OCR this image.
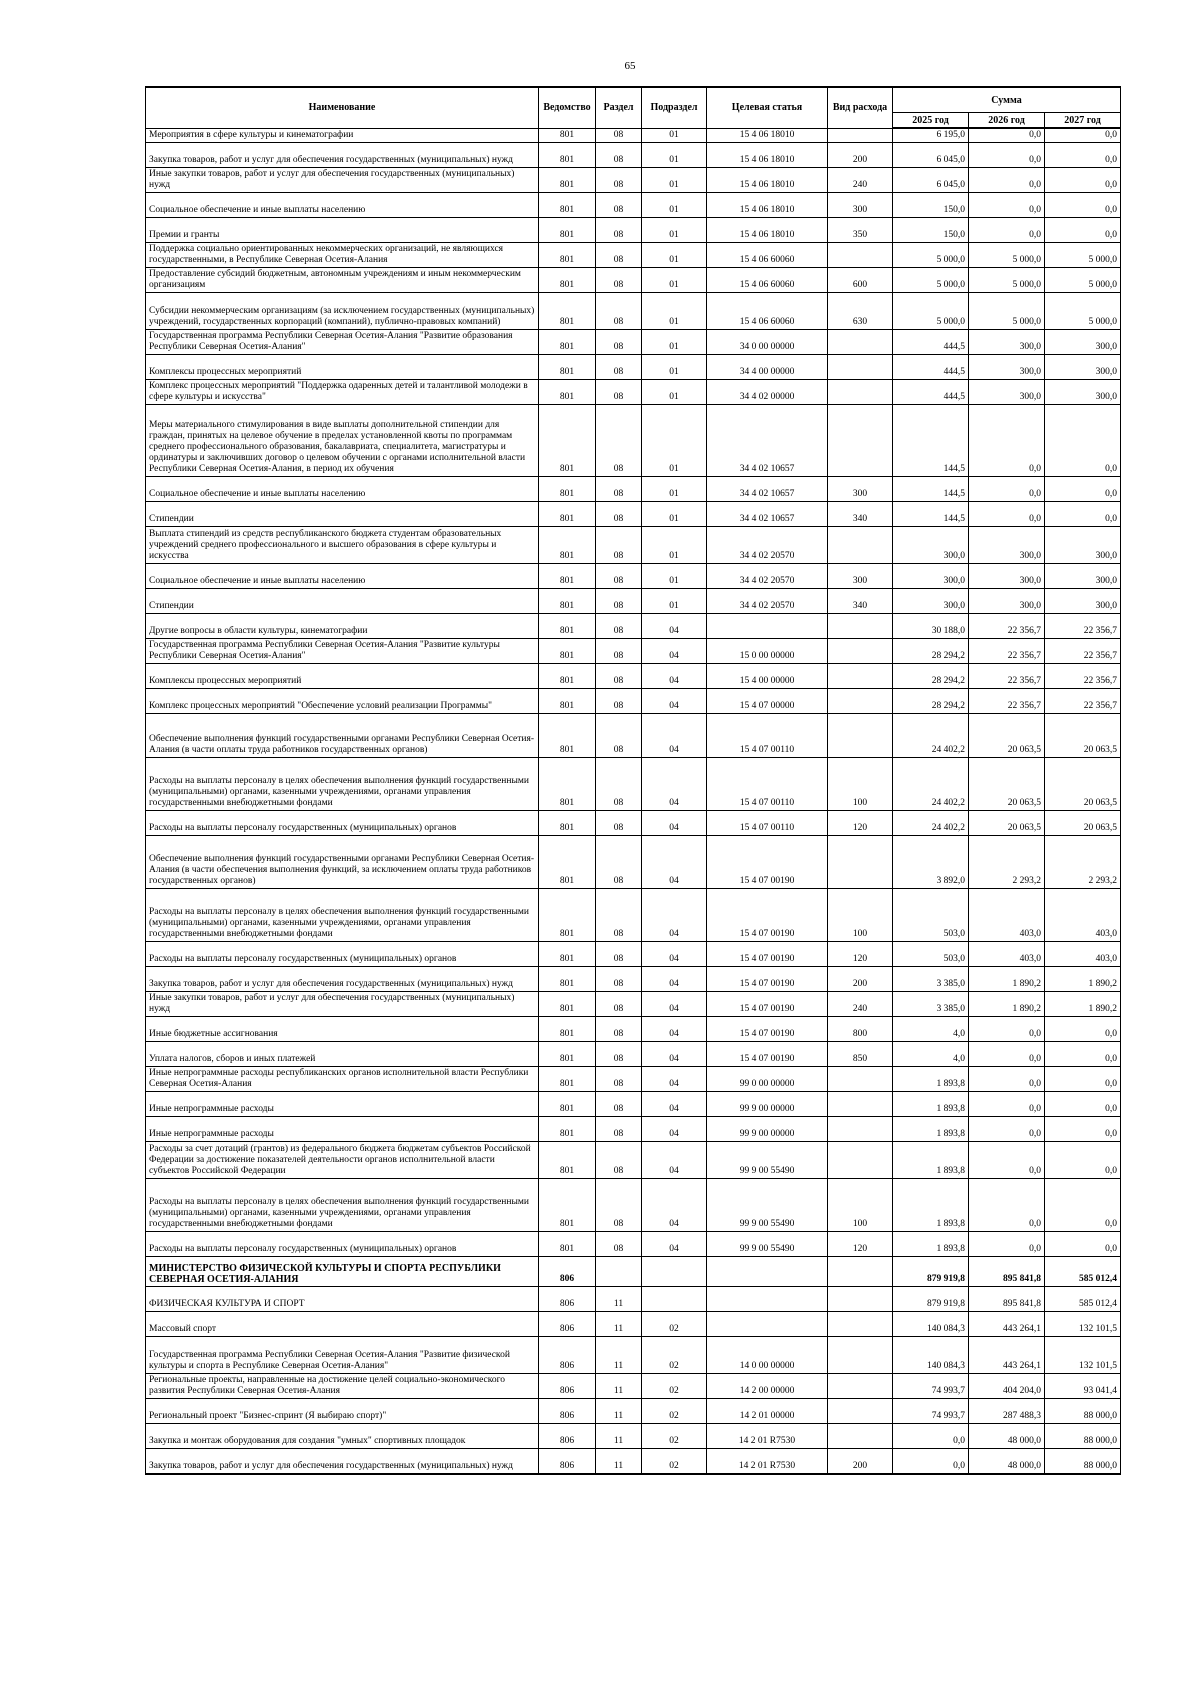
65
Наименование	Ведомство	Раздел	Подраздел	Целевая статья	Вид расхода	Сумма		
						2025 год	2026 год	2027 год
Мероприятия в сфере культуры и кинематографии	801	08	01	15 4 06 18010		6 195,0	0,0	0,0
Закупка товаров, работ и услуг для обеспечения государственных (муниципальных) нужд	801	08	01	15 4 06 18010	200	6 045,0	0,0	0,0
Иные закупки товаров, работ и услуг для обеспечения государственных (муниципальных) нужд	801	08	01	15 4 06 18010	240	6 045,0	0,0	0,0
Социальное обеспечение и иные выплаты населению	801	08	01	15 4 06 18010	300	150,0	0,0	0,0
Премии и гранты	801	08	01	15 4 06 18010	350	150,0	0,0	0,0
Поддержка социально ориентированных некоммерческих организаций, не являющихся государственными, в Республике Северная Осетия-Алания	801	08	01	15 4 06 60060		5 000,0	5 000,0	5 000,0
Предоставление субсидий бюджетным, автономным учреждениям и иным некоммерческим организациям	801	08	01	15 4 06 60060	600	5 000,0	5 000,0	5 000,0
Субсидии некоммерческим организациям (за исключением государственных (муниципальных) учреждений, государственных корпораций (компаний), публично-правовых компаний)	801	08	01	15 4 06 60060	630	5 000,0	5 000,0	5 000,0
Государственная программа Республики Северная Осетия-Алания "Развитие образования Республики Северная Осетия-Алания"	801	08	01	34 0 00 00000		444,5	300,0	300,0
Комплексы процессных мероприятий	801	08	01	34 4 00 00000		444,5	300,0	300,0
Комплекс процессных мероприятий "Поддержка одаренных детей и талантливой молодежи в сфере культуры и искусства"	801	08	01	34 4 02 00000		444,5	300,0	300,0
Меры материального стимулирования в виде выплаты дополнительной стипендии для граждан, принятых на целевое обучение в пределах установленной квоты по программам среднего профессионального образования, бакалавриата, специалитета, магистратуры и ординатуры и заключивших договор о целевом обучении с органами исполнительной власти Республики Северная Осетия-Алания, в период их обучения	801	08	01	34 4 02 10657		144,5	0,0	0,0
Социальное обеспечение и иные выплаты населению	801	08	01	34 4 02 10657	300	144,5	0,0	0,0
Стипендии	801	08	01	34 4 02 10657	340	144,5	0,0	0,0
Выплата стипендий из средств республиканского бюджета студентам образовательных учреждений среднего профессионального и высшего образования в сфере культуры и искусства	801	08	01	34 4 02 20570		300,0	300,0	300,0
Социальное обеспечение и иные выплаты населению	801	08	01	34 4 02 20570	300	300,0	300,0	300,0
Стипендии	801	08	01	34 4 02 20570	340	300,0	300,0	300,0
Другие вопросы в области культуры, кинематографии	801	08	04			30 188,0	22 356,7	22 356,7
Государственная программа Республики Северная Осетия-Алания "Развитие культуры Республики Северная Осетия-Алания"	801	08	04	15 0 00 00000		28 294,2	22 356,7	22 356,7
Комплексы процессных мероприятий	801	08	04	15 4 00 00000		28 294,2	22 356,7	22 356,7
Комплекс процессных мероприятий "Обеспечение условий реализации Программы"	801	08	04	15 4 07 00000		28 294,2	22 356,7	22 356,7
Обеспечение выполнения функций государственными органами Республики Северная Осетия-Алания (в части оплаты труда работников государственных органов)	801	08	04	15 4 07 00110		24 402,2	20 063,5	20 063,5
Расходы на выплаты персоналу в целях обеспечения выполнения функций государственными (муниципальными) органами, казенными учреждениями, органами управления государственными внебюджетными фондами	801	08	04	15 4 07 00110	100	24 402,2	20 063,5	20 063,5
Расходы на выплаты персоналу государственных (муниципальных) органов	801	08	04	15 4 07 00110	120	24 402,2	20 063,5	20 063,5
Обеспечение выполнения функций государственными органами Республики Северная Осетия-Алания (в части обеспечения выполнения функций, за исключением оплаты труда работников государственных органов)	801	08	04	15 4 07 00190		3 892,0	2 293,2	2 293,2
Расходы на выплаты персоналу в целях обеспечения выполнения функций государственными (муниципальными) органами, казенными учреждениями, органами управления государственными внебюджетными фондами	801	08	04	15 4 07 00190	100	503,0	403,0	403,0
Расходы на выплаты персоналу государственных (муниципальных) органов	801	08	04	15 4 07 00190	120	503,0	403,0	403,0
Закупка товаров, работ и услуг для обеспечения государственных (муниципальных) нужд	801	08	04	15 4 07 00190	200	3 385,0	1 890,2	1 890,2
Иные закупки товаров, работ и услуг для обеспечения государственных (муниципальных) нужд	801	08	04	15 4 07 00190	240	3 385,0	1 890,2	1 890,2
Иные бюджетные ассигнования	801	08	04	15 4 07 00190	800	4,0	0,0	0,0
Уплата налогов, сборов и иных платежей	801	08	04	15 4 07 00190	850	4,0	0,0	0,0
Иные непрограммные расходы республиканских органов исполнительной власти Республики Северная Осетия-Алания	801	08	04	99 0 00 00000		1 893,8	0,0	0,0
Иные непрограммные расходы	801	08	04	99 9 00 00000		1 893,8	0,0	0,0
Иные непрограммные расходы	801	08	04	99 9 00 00000		1 893,8	0,0	0,0
Расходы за счет дотаций (грантов) из федерального бюджета бюджетам субъектов Российской Федерации за достижение показателей деятельности органов исполнительной власти субъектов Российской Федерации	801	08	04	99 9 00 55490		1 893,8	0,0	0,0
Расходы на выплаты персоналу в целях обеспечения выполнения функций государственными (муниципальными) органами, казенными учреждениями, органами управления государственными внебюджетными фондами	801	08	04	99 9 00 55490	100	1 893,8	0,0	0,0
Расходы на выплаты персоналу государственных (муниципальных) органов	801	08	04	99 9 00 55490	120	1 893,8	0,0	0,0
МИНИСТЕРСТВО ФИЗИЧЕСКОЙ КУЛЬТУРЫ И СПОРТА РЕСПУБЛИКИ СЕВЕРНАЯ ОСЕТИЯ-АЛАНИЯ	806					879 919,8	895 841,8	585 012,4
ФИЗИЧЕСКАЯ КУЛЬТУРА И СПОРТ	806	11				879 919,8	895 841,8	585 012,4
Массовый спорт	806	11	02			140 084,3	443 264,1	132 101,5
Государственная программа Республики Северная Осетия-Алания "Развитие физической культуры и спорта в Республике Северная Осетия-Алания"	806	11	02	14 0 00 00000		140 084,3	443 264,1	132 101,5
Региональные проекты, направленные на достижение целей социально-экономического развития Республики Северная Осетия-Алания	806	11	02	14 2 00 00000		74 993,7	404 204,0	93 041,4
Региональный проект "Бизнес-спринт (Я выбираю спорт)"	806	11	02	14 2 01 00000		74 993,7	287 488,3	88 000,0
Закупка и монтаж оборудования для создания "умных" спортивных площадок	806	11	02	14 2 01 R7530		0,0	48 000,0	88 000,0
Закупка товаров, работ и услуг для обеспечения государственных (муниципальных) нужд	806	11	02	14 2 01 R7530	200	0,0	48 000,0	88 000,0
